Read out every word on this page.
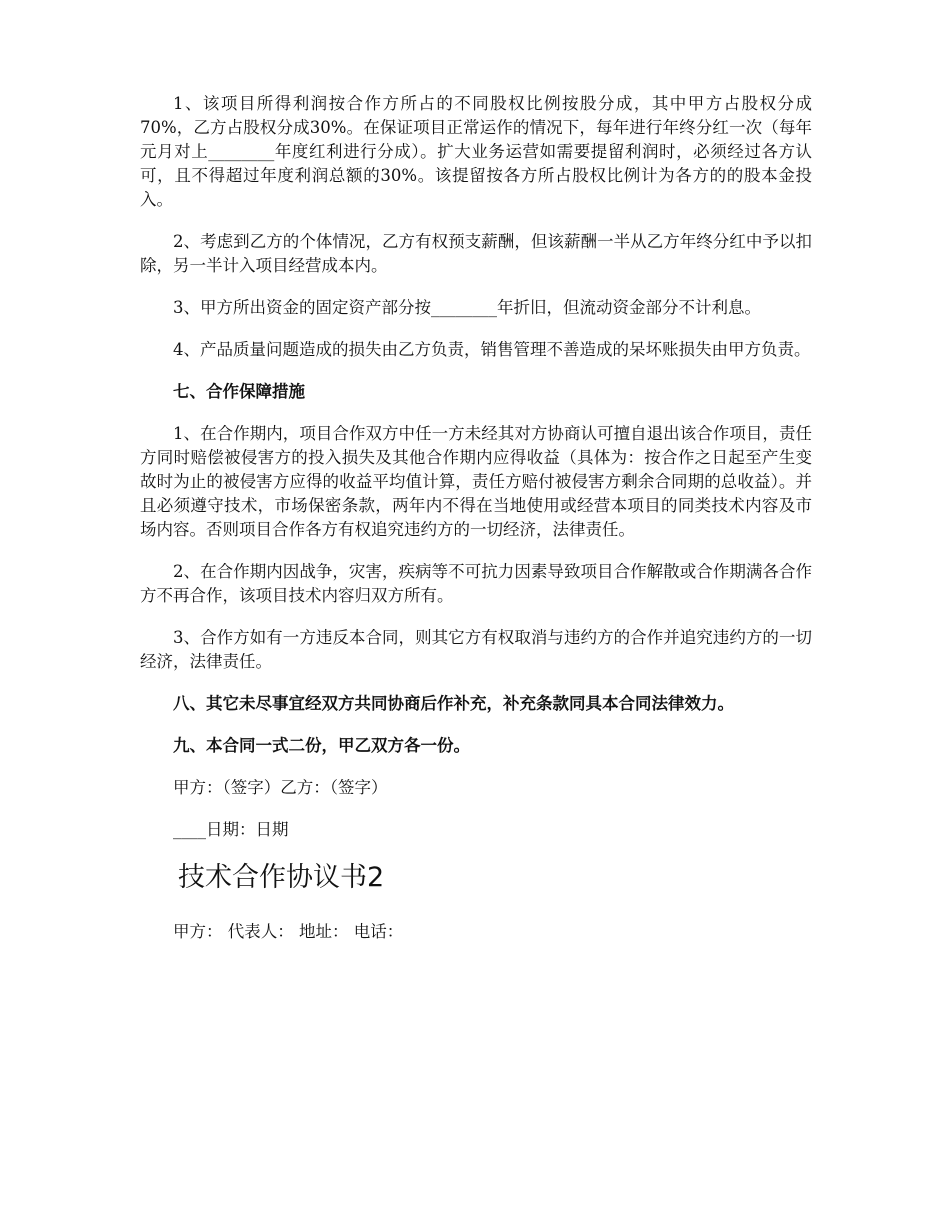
1、该项目所得利润按合作方所占的不同股权比例按股分成，其中甲方占股权分成70%，乙方占股权分成30%。在保证项目正常运作的情况下，每年进行年终分红一次（每年元月对上________年度红利进行分成）。扩大业务运营如需要提留利润时，必须经过各方认可，且不得超过年度利润总额的30%。该提留按各方所占股权比例计为各方的的股本金投入。

2、考虑到乙方的个体情况，乙方有权预支薪酬，但该薪酬一半从乙方年终分红中予以扣除，另一半计入项目经营成本内。

3、甲方所出资金的固定资产部分按________年折旧，但流动资金部分不计利息。

4、产品质量问题造成的损失由乙方负责，销售管理不善造成的呆坏账损失由甲方负责。

七、合作保障措施

1、在合作期内，项目合作双方中任一方未经其对方协商认可擅自退出该合作项目，责任方同时赔偿被侵害方的投入损失及其他合作期内应得收益（具体为：按合作之日起至产生变故时为止的被侵害方应得的收益平均值计算，责任方赔付被侵害方剩余合同期的总收益）。并且必须遵守技术，市场保密条款，两年内不得在当地使用或经营本项目的同类技术内容及市场内容。否则项目合作各方有权追究违约方的一切经济，法律责任。

2、在合作期内因战争，灾害，疾病等不可抗力因素导致项目合作解散或合作期满各合作方不再合作，该项目技术内容归双方所有。

3、合作方如有一方违反本合同，则其它方有权取消与违约方的合作并追究违约方的一切经济，法律责任。

八、其它未尽事宜经双方共同协商后作补充，补充条款同具本合同法律效力。

九、本合同一式二份，甲乙双方各一份。

甲方：（签字）乙方：（签字）

____日期：日期

技术合作协议书2

甲方： 代表人： 地址： 电话：
